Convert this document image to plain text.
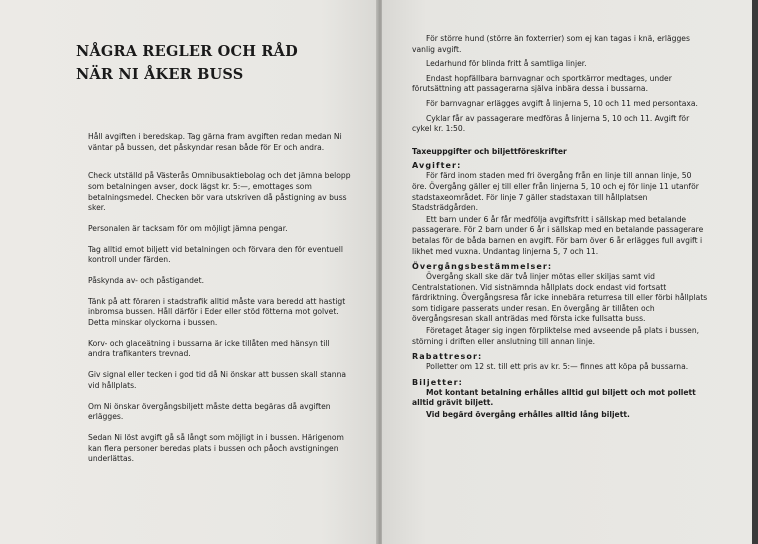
NÅGRA REGLER OCH RÅD
NÄR NI ÅKER BUSS

Håll avgiften i beredskap. Tag gärna fram avgiften redan medan Ni väntar på bussen, det påskyndar resan både för Er och andra.

Check utställd på Västerås Omnibusaktiebolag och det jämna belopp som betalningen avser, dock lägst kr. 5:—, emottages som betalningsmedel. Checken bör vara utskriven då påstigning av buss sker.

Personalen är tacksam för om möjligt jämna pengar.

Tag alltid emot biljett vid betalningen och förvara den för eventuell kontroll under färden.

Påskynda av- och påstigandet.

Tänk på att föraren i stadstrafik alltid måste vara beredd att hastigt inbromsa bussen. Håll därför i Eder eller stöd fötterna mot golvet. Detta minskar olyckorna i bussen.

Korv- och glaceätning i bussarna är icke tillåten med hänsyn till andra trafikanters trevnad.

Giv signal eller tecken i god tid då Ni önskar att bussen skall stanna vid hållplats.

Om Ni önskar övergångsbiljett måste detta begäras då avgiften erlägges.

Sedan Ni löst avgift gå så långt som möjligt in i bussen. Härigenom kan flera personer beredas plats i bussen och påoch avstigningen underlättas.

För större hund (större än foxterrier) som ej kan tagas i knä, erlägges vanlig avgift.

Ledarhund för blinda fritt å samtliga linjer.

Endast hopfällbara barnvagnar och sportkärror medtages, under förutsättning att passagerarna själva inbära dessa i bussarna.

För barnvagnar erlägges avgift å linjerna 5, 10 och 11 med persontaxa.

Cyklar får av passagerare medföras å linjerna 5, 10 och 11. Avgift för cykel kr. 1:50.

Taxeuppgifter och biljettföreskrifter
Avgifter:

För färd inom staden med fri övergång från en linje till annan linje, 50 öre. Övergång gäller ej till eller från linjerna 5, 10 och ej för linje 11 utanför stadstaxeområdet. För linje 7 gäller stadstaxan till hållplatsen Stadsträdgården.

Ett barn under 6 år får medfölja avgiftsfritt i sällskap med betalande passagerare. För 2 barn under 6 år i sällskap med en betalande passagerare betalas för de båda barnen en avgift. För barn över 6 år erlägges full avgift i likhet med vuxna. Undantag linjerna 5, 7 och 11.

Övergångsbestämmelser:

Övergång skall ske där två linjer mötas eller skiljas samt vid Centralstationen. Vid sistnämnda hållplats dock endast vid fortsatt färdriktning. Övergångsresa får icke innebära returresa till eller förbi hållplats som tidigare passerats under resan. En övergång är tillåten och övergångsresan skall anträdas med första icke fullsatta buss.

Företaget åtager sig ingen förpliktelse med avseende på plats i bussen, störning i driften eller anslutning till annan linje.

Rabattresor:

Polletter om 12 st. till ett pris av kr. 5:— finnes att köpa på bussarna.

Biljetter:

Mot kontant betalning erhålles alltid gul biljett och mot pollett alltid grävit biljett.

Vid begärd övergång erhålles alltid lång biljett.
